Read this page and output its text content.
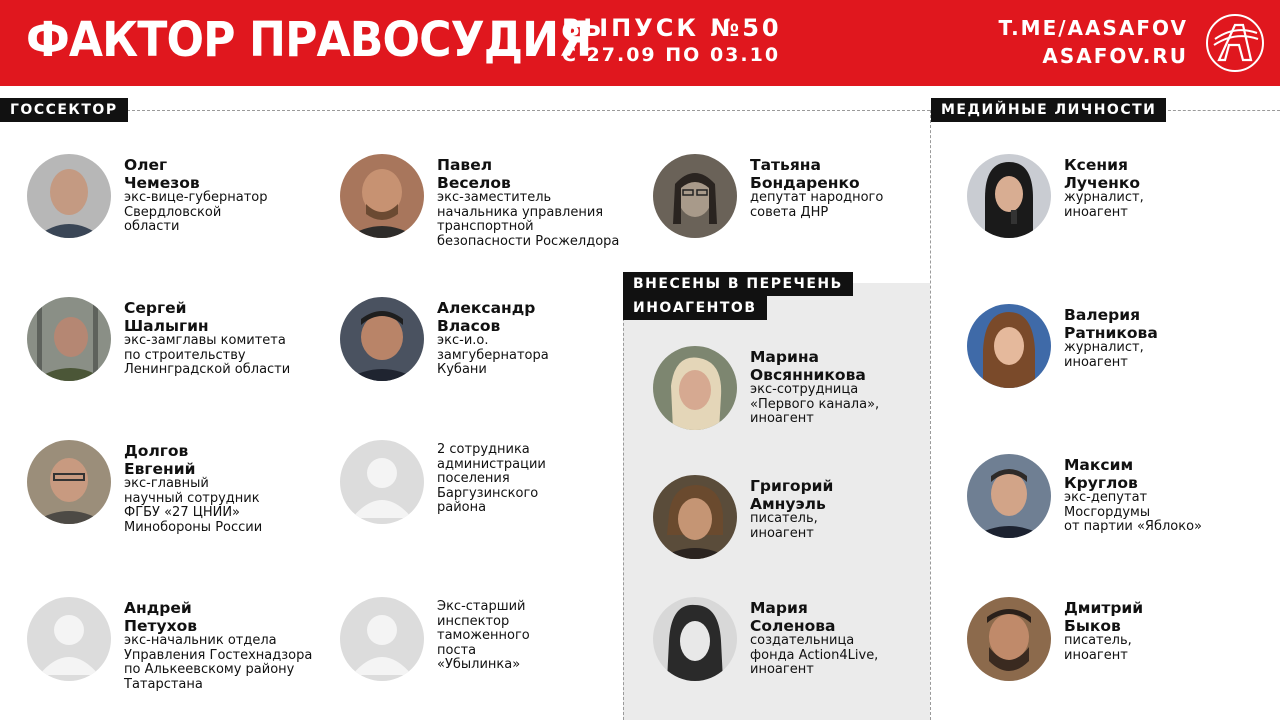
ФАКТОР ПРАВОСУДИЯ
ВЫПУСК №50
С 27.09 ПО 03.10
T.ME/AASAFOV
ASAFOV.RU
ГОССЕКТОР	МЕДИЙНЫЕ ЛИЧНОСТИ
ВНЕСЕНЫ В ПЕРЕЧЕНЬ
ИНОАГЕНТОВ
Олег
Чемезов
экс-вице-губернатор
Свердловской
области
Сергей
Шалыгин
экс-замглавы комитета
по строительству
Ленинградской области
Долгов
Евгений
экс-главный
научный сотрудник
ФГБУ «27 ЦНИИ»
Минобороны России
Андрей
Петухов
экс-начальник отдела
Управления Гостехнадзора
по Алькеевскому району
Татарстана
Павел
Веселов
экс-заместитель
начальника управления
транспортной
безопасности Росжелдора
Александр
Власов
экс-и.о.
замгубернатора
Кубани
2 сотрудника
администрации
поселения
Баргузинского
района
Экс-старший
инспектор
таможенного
поста
«Убылинка»
Татьяна
Бондаренко
депутат народного
совета ДНР
Марина
Овсянникова
экс-сотрудница
«Первого канала»,
иноагент
Григорий
Амнуэль
писатель,
иноагент
Мария
Соленова
создательница
фонда Action4Live,
иноагент
Ксения
Лученко
журналист,
иноагент
Валерия
Ратникова
журналист,
иноагент
Максим
Круглов
экс-депутат
Мосгордумы
от партии «Яблоко»
Дмитрий
Быков
писатель,
иноагент
